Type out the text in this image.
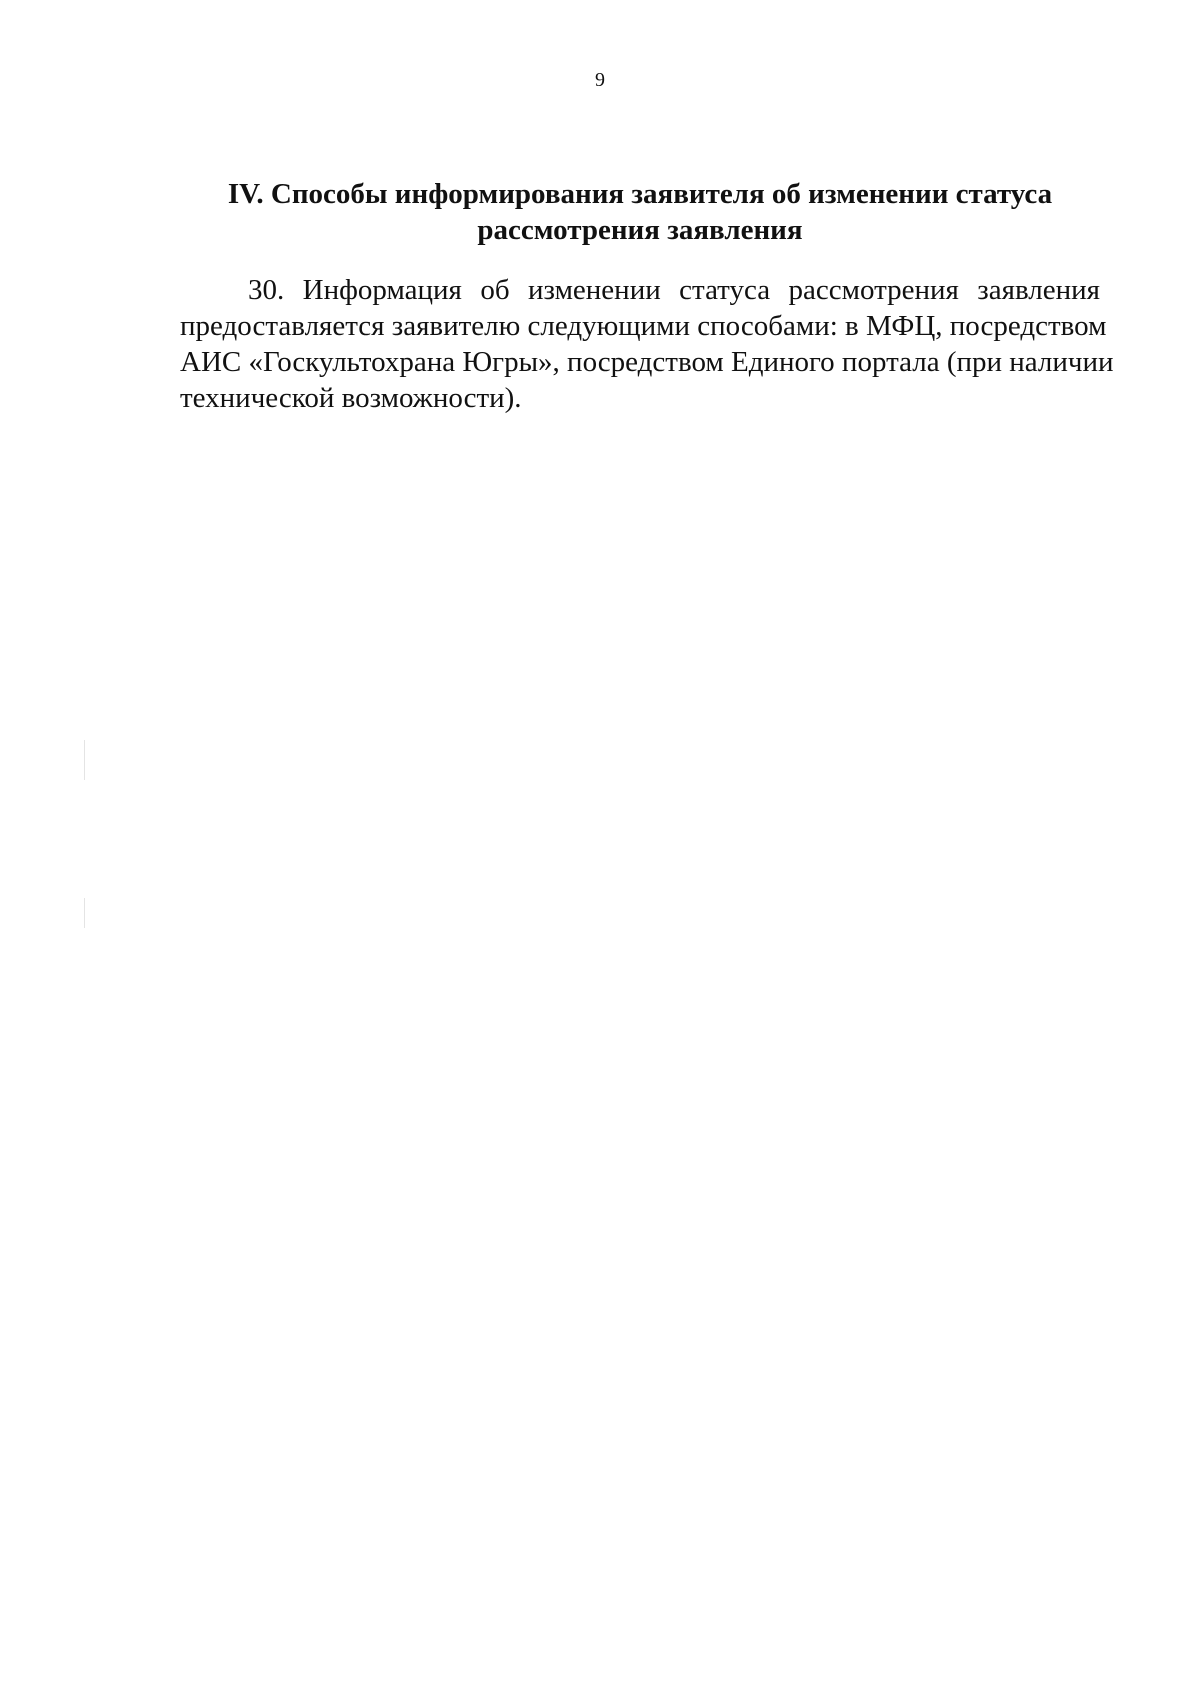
9
IV. Способы информирования заявителя об изменении статуса
рассмотрения заявления
30. Информация об изменении статуса рассмотрения заявления
предоставляется заявителю следующими способами: в МФЦ, посредством
АИС «Госкультохрана Югры», посредством Единого портала (при наличии
технической возможности).
